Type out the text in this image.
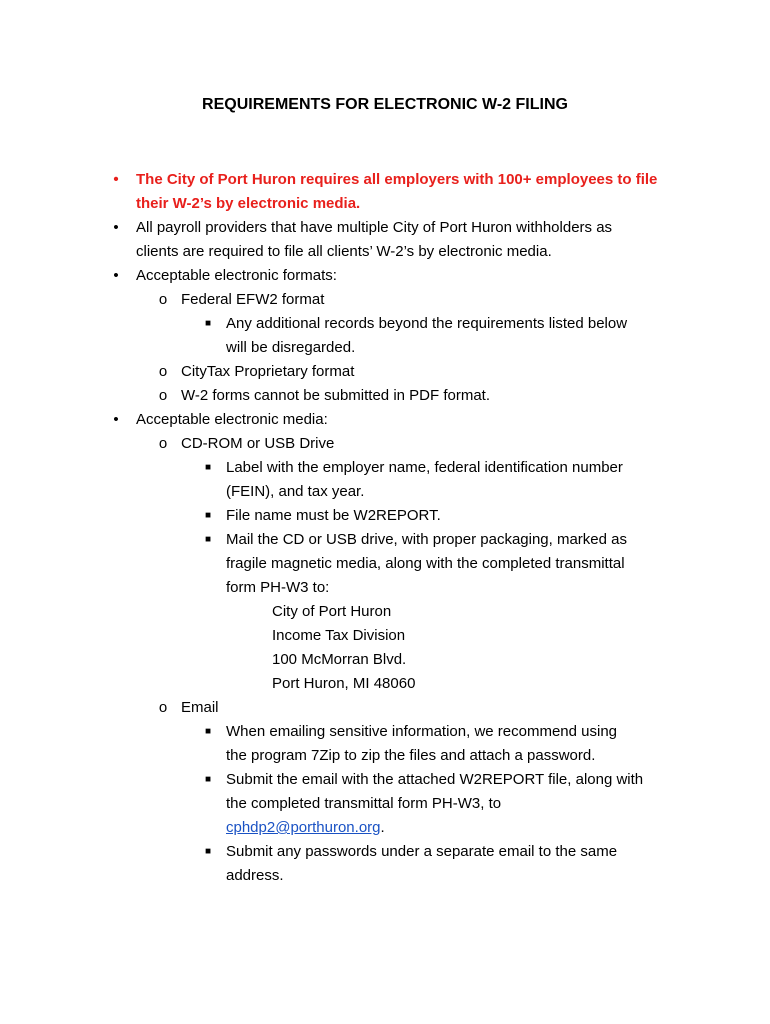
REQUIREMENTS FOR ELECTRONIC W-2 FILING
• The City of Port Huron requires all employers with 100+ employees to file
their W-2’s by electronic media.
• All payroll providers that have multiple City of Port Huron withholders as
clients are required to file all clients’ W-2’s by electronic media.
• Acceptable electronic formats:
o Federal EFW2 format
■ Any additional records beyond the requirements listed below
will be disregarded.
o CityTax Proprietary format
o W-2 forms cannot be submitted in PDF format.
• Acceptable electronic media:
o CD-ROM or USB Drive
■ Label with the employer name, federal identification number
(FEIN), and tax year.
■ File name must be W2REPORT.
■ Mail the CD or USB drive, with proper packaging, marked as
fragile magnetic media, along with the completed transmittal
form PH-W3 to:
City of Port Huron
Income Tax Division
100 McMorran Blvd.
Port Huron, MI 48060
o Email
■ When emailing sensitive information, we recommend using
the program 7Zip to zip the files and attach a password.
■ Submit the email with the attached W2REPORT file, along with
the completed transmittal form PH-W3, to
cphdp2@porthuron.org.
■ Submit any passwords under a separate email to the same
address.
